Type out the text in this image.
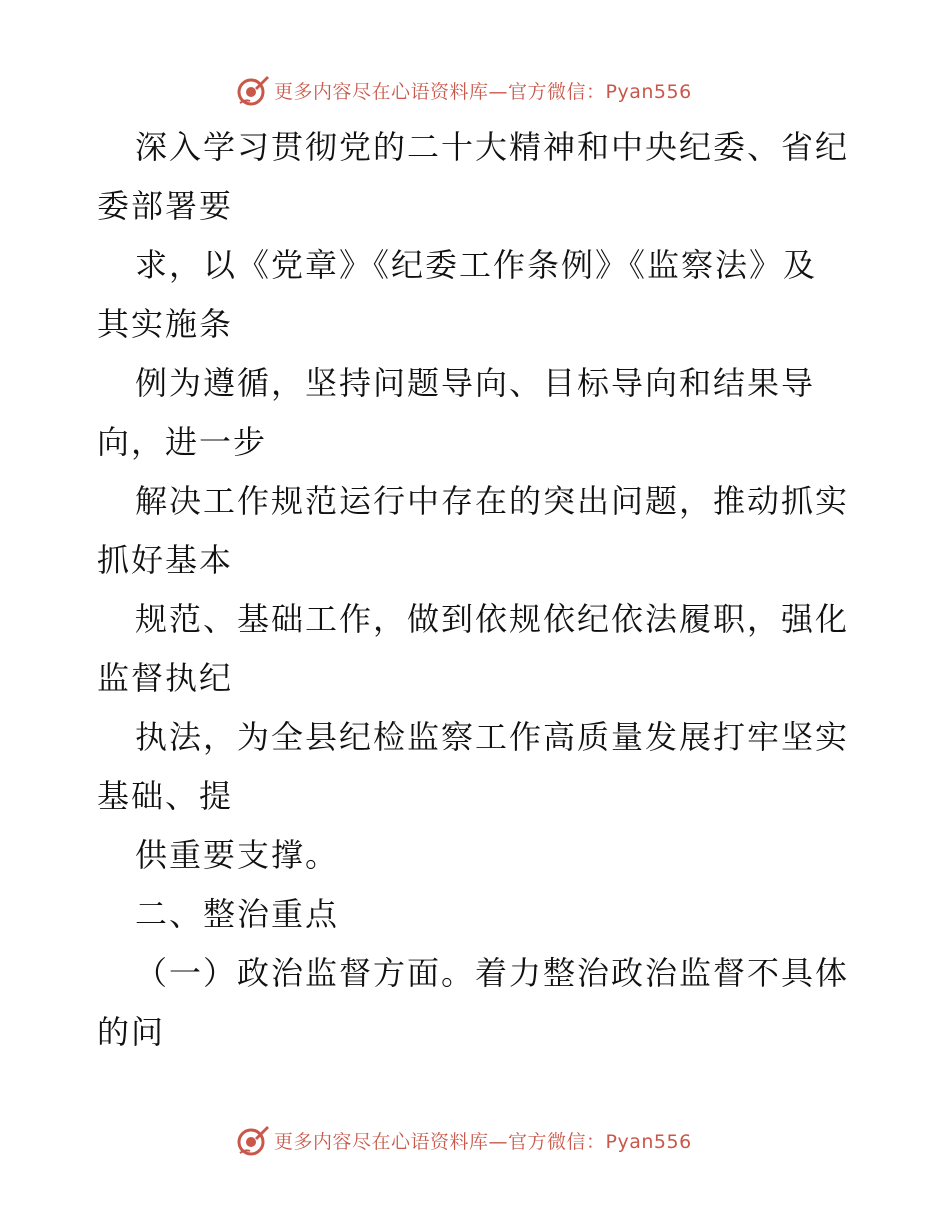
更多内容尽在心语资料库—官方微信：Pyan556
深入学习贯彻党的二十大精神和中央纪委、省纪
委部署要
求，以《党章》《纪委工作条例》《监察法》及
其实施条
例为遵循，坚持问题导向、目标导向和结果导
向，进一步
解决工作规范运行中存在的突出问题，推动抓实
抓好基本
规范、基础工作，做到依规依纪依法履职，强化
监督执纪
执法，为全县纪检监察工作高质量发展打牢坚实
基础、提
供重要支撑。
二、整治重点
（一）政治监督方面。着力整治政治监督不具体
的问
更多内容尽在心语资料库—官方微信：Pyan556
